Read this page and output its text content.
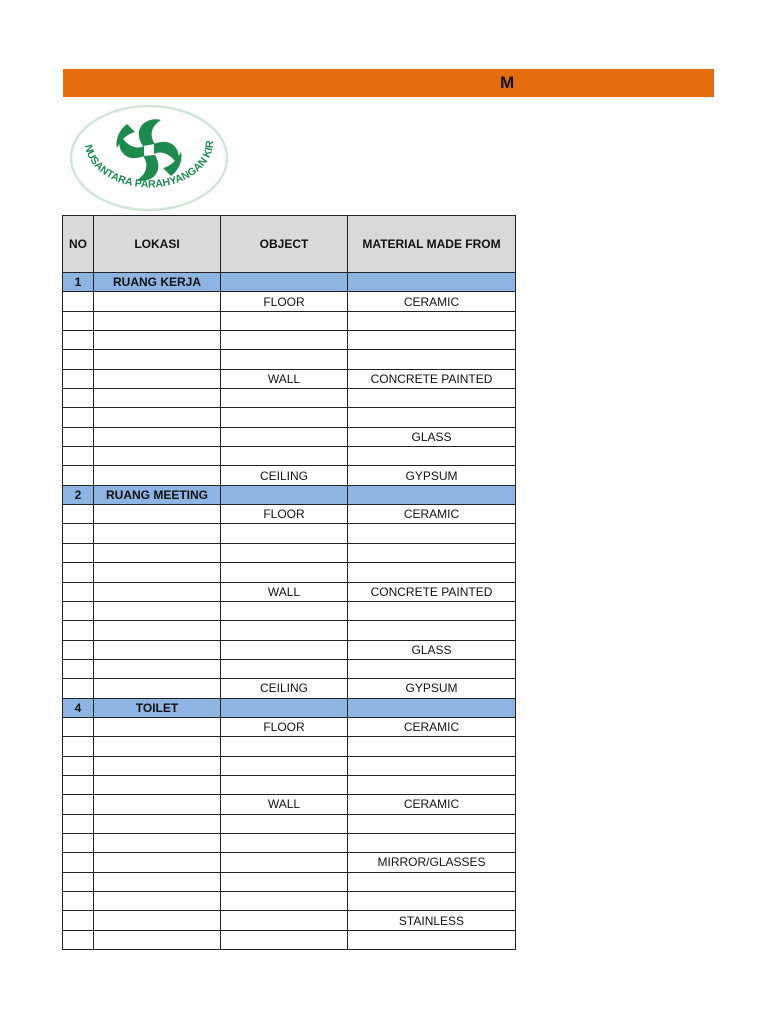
M
NUSANTARA PARAHYANGAN KIR
NO	LOKASI	OBJECT	MATERIAL MADE FROM
1	RUANG KERJA		
		FLOOR	CERAMIC

		WALL	CONCRETE PAINTED

			GLASS

		CEILING	GYPSUM
2	RUANG MEETING		
		FLOOR	CERAMIC

		WALL	CONCRETE PAINTED

			GLASS

		CEILING	GYPSUM
4	TOILET		
		FLOOR	CERAMIC

		WALL	CERAMIC

			MIRROR/GLASSES

			STAINLESS
